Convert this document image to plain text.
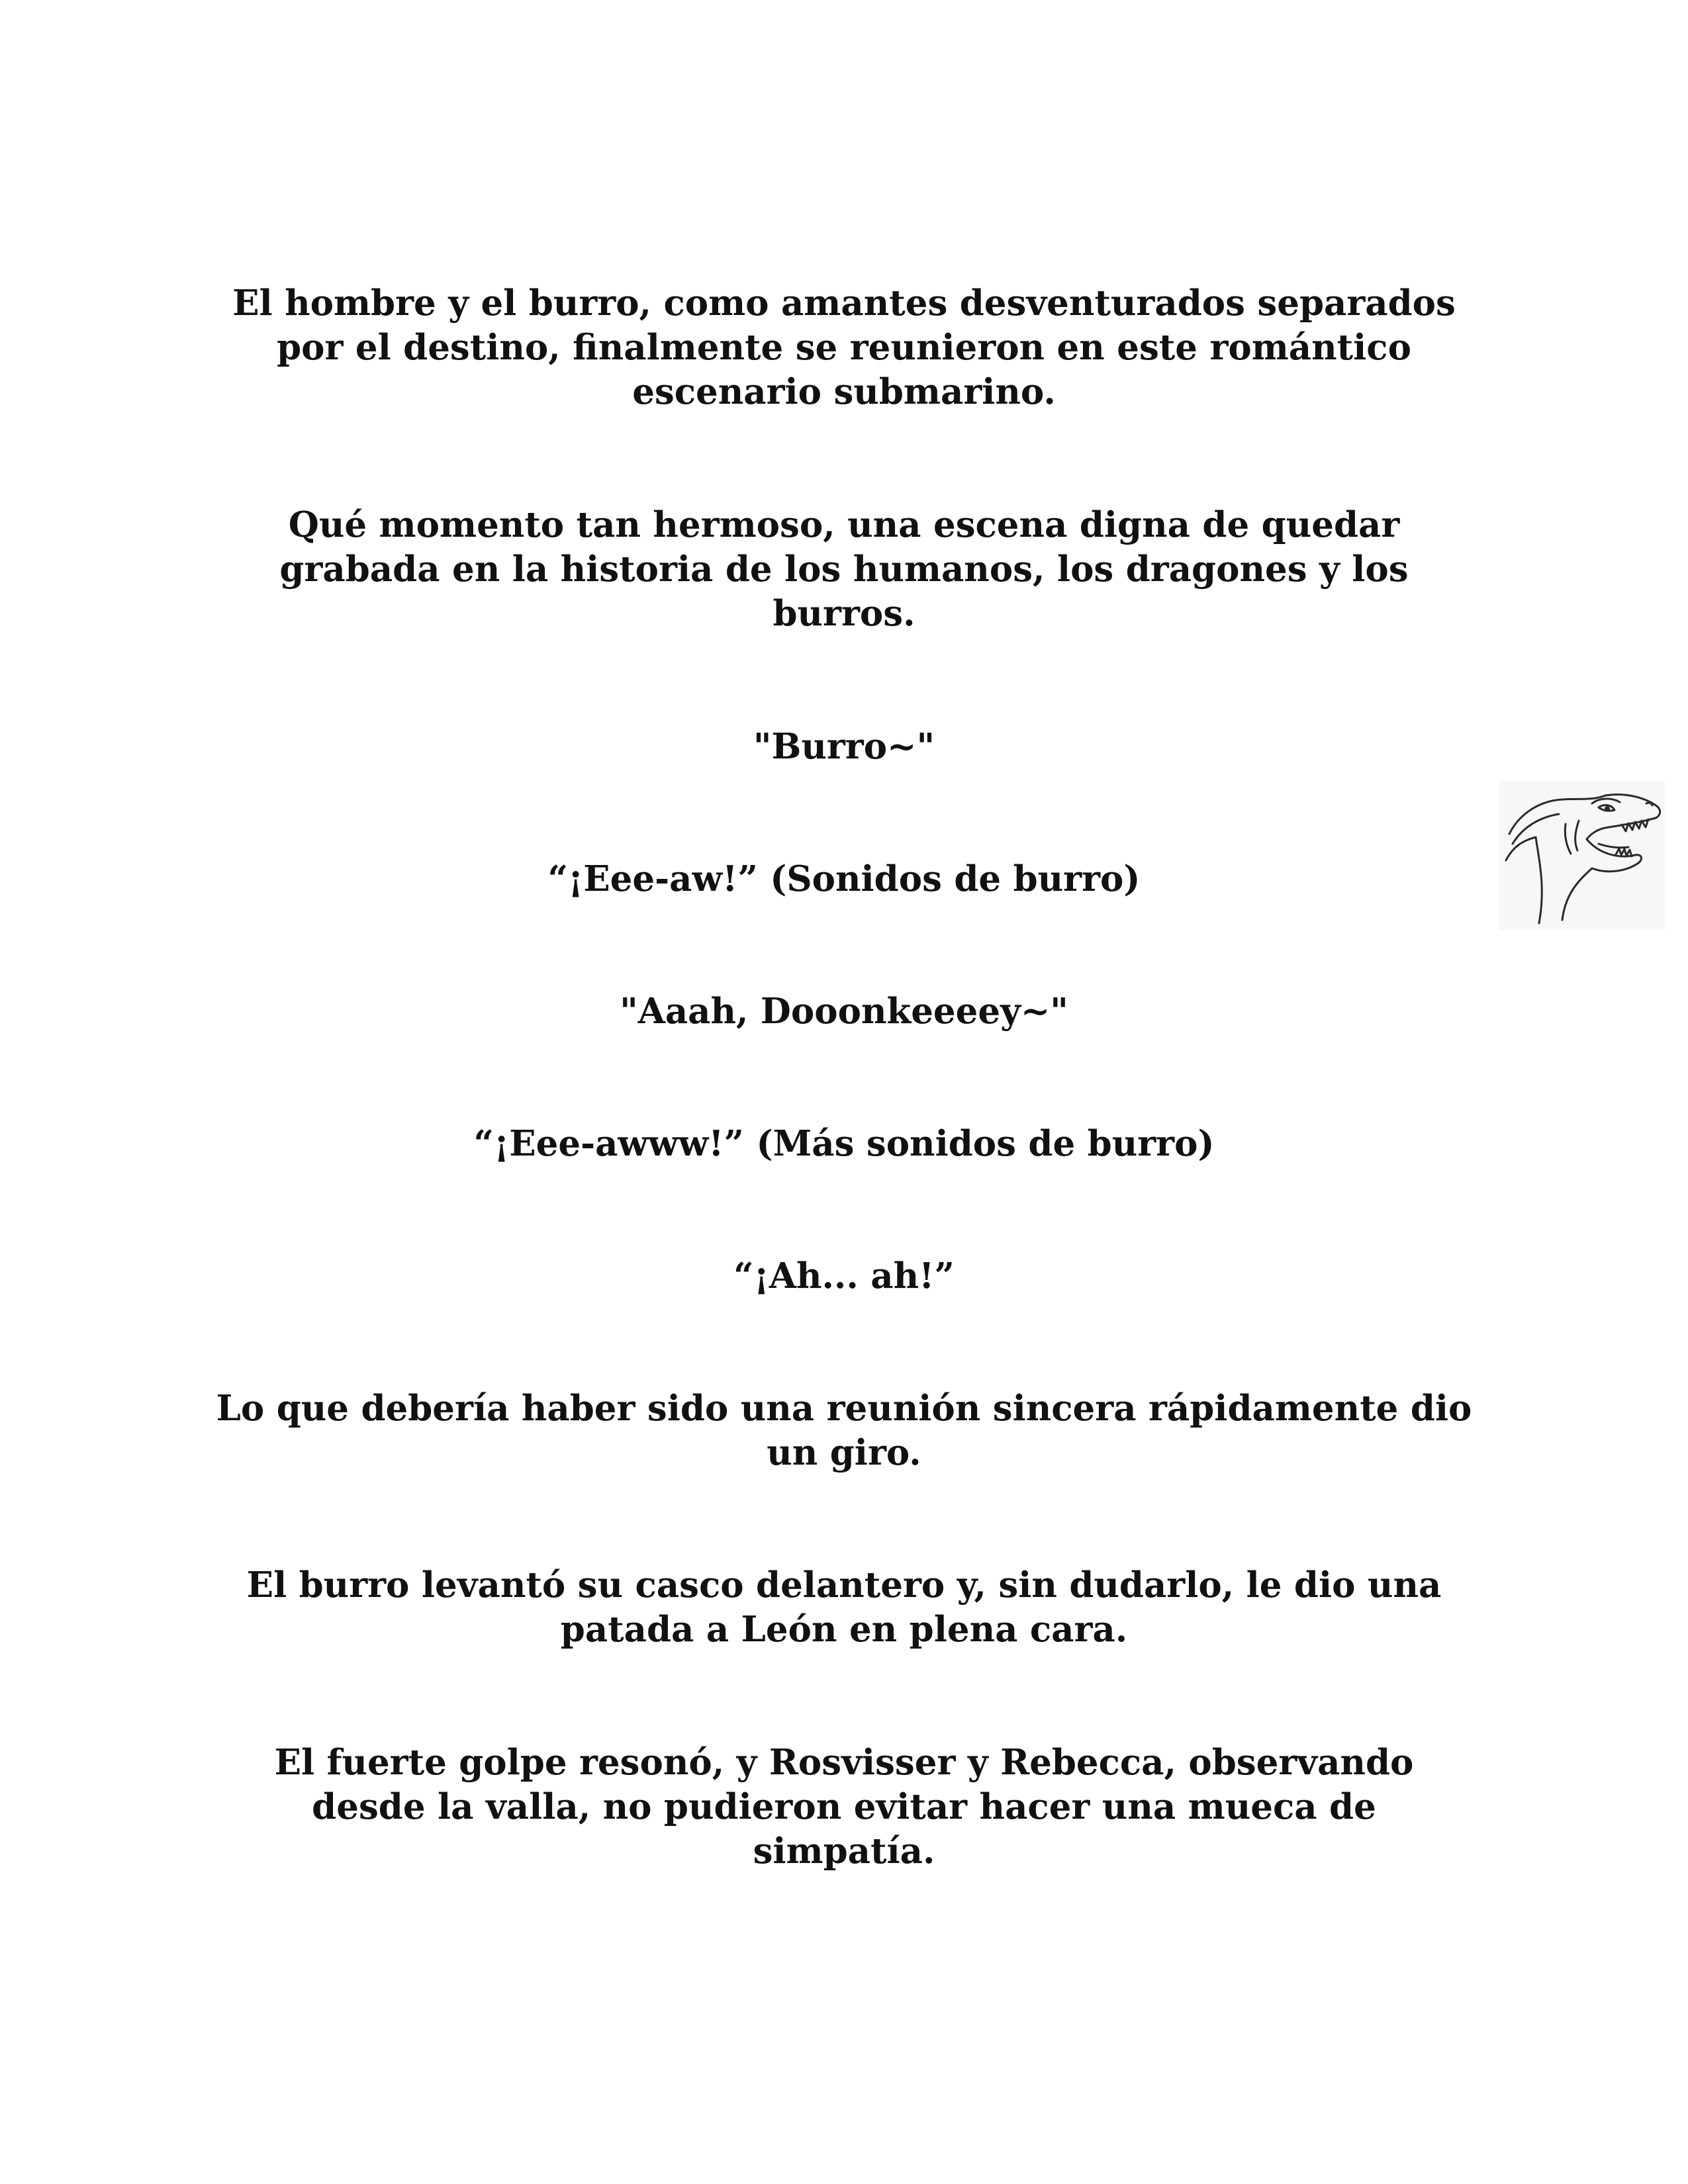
El hombre y el burro, como amantes desventurados separados por el destino, finalmente se reunieron en este romántico escenario submarino.

Qué momento tan hermoso, una escena digna de quedar grabada en la historia de los humanos, los dragones y los burros.

"Burro~"

“¡Eee-aw!” (Sonidos de burro)

"Aaah, Dooonkeeeey~"

“¡Eee-awww!” (Más sonidos de burro)

“¡Ah... ah!”

Lo que debería haber sido una reunión sincera rápidamente dio un giro.

El burro levantó su casco delantero y, sin dudarlo, le dio una patada a León en plena cara.

El fuerte golpe resonó, y Rosvisser y Rebecca, observando desde la valla, no pudieron evitar hacer una mueca de simpatía.
